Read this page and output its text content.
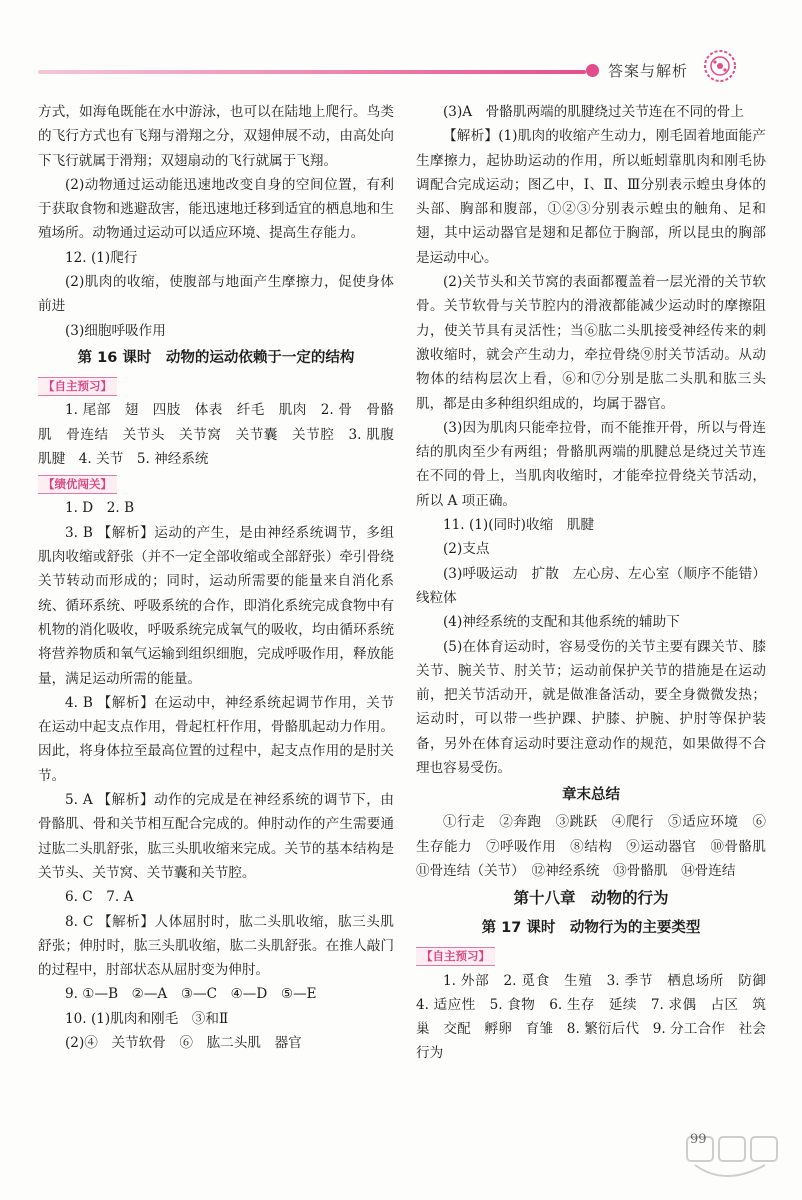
答案与解析

方式，如海龟既能在水中游泳，也可以在陆地上爬行。鸟类的飞行方式也有飞翔与滑翔之分，双翅伸展不动，由高处向下飞行就属于滑翔；双翅扇动的飞行就属于飞翔。

(2)动物通过运动能迅速地改变自身的空间位置，有利于获取食物和逃避敌害，能迅速地迁移到适宜的栖息地和生殖场所。动物通过运动可以适应环境、提高生存能力。

12. (1)爬行

(2)肌肉的收缩，使腹部与地面产生摩擦力，促使身体前进

(3)细胞呼吸作用

第 16 课时　动物的运动依赖于一定的结构

【自主预习】

1. 尾部　翅　四肢　体表　纤毛　肌肉　2. 骨　骨骼肌　骨连结　关节头　关节窝　关节囊　关节腔　3. 肌腹　肌腱　4. 关节　5. 神经系统

【绩优闯关】

1. D　2. B

3. B 【解析】运动的产生，是由神经系统调节，多组肌肉收缩或舒张（并不一定全部收缩或全部舒张）牵引骨绕关节转动而形成的；同时，运动所需要的能量来自消化系统、循环系统、呼吸系统的合作，即消化系统完成食物中有机物的消化吸收，呼吸系统完成氧气的吸收，均由循环系统将营养物质和氧气运输到组织细胞，完成呼吸作用，释放能量，满足运动所需的能量。

4. B 【解析】在运动中，神经系统起调节作用，关节在运动中起支点作用，骨起杠杆作用，骨骼肌起动力作用。因此，将身体拉至最高位置的过程中，起支点作用的是肘关节。

5. A 【解析】动作的完成是在神经系统的调节下，由骨骼肌、骨和关节相互配合完成的。伸肘动作的产生需要通过肱二头肌舒张，肱三头肌收缩来完成。关节的基本结构是关节头、关节窝、关节囊和关节腔。

6. C　7. A

8. C 【解析】人体屈肘时，肱二头肌收缩，肱三头肌舒张；伸肘时，肱三头肌收缩，肱二头肌舒张。在推人敲门的过程中，肘部状态从屈肘变为伸肘。

9. ①—B　②—A　③—C　④—D　⑤—E

10. (1)肌肉和刚毛　③和Ⅱ

(2)④　关节软骨　⑥　肱二头肌　器官

(3)A　骨骼肌两端的肌腱绕过关节连在不同的骨上

【解析】(1)肌肉的收缩产生动力，刚毛固着地面能产生摩擦力，起协助运动的作用，所以蚯蚓靠肌肉和刚毛协调配合完成运动；图乙中，Ⅰ、Ⅱ、Ⅲ分别表示蝗虫身体的头部、胸部和腹部，①②③分别表示蝗虫的触角、足和翅，其中运动器官是翅和足都位于胸部，所以昆虫的胸部是运动中心。

(2)关节头和关节窝的表面都覆盖着一层光滑的关节软骨。关节软骨与关节腔内的滑液都能减少运动时的摩擦阻力，使关节具有灵活性；当⑥肱二头肌接受神经传来的刺激收缩时，就会产生动力，牵拉骨绕⑨肘关节活动。从动物体的结构层次上看，⑥和⑦分别是肱二头肌和肱三头肌，都是由多种组织组成的，均属于器官。

(3)因为肌肉只能牵拉骨，而不能推开骨，所以与骨连结的肌肉至少有两组；骨骼肌两端的肌腱总是绕过关节连在不同的骨上，当肌肉收缩时，才能牵拉骨绕关节活动，所以 A 项正确。

11. (1)(同时)收缩　肌腱

(2)支点

(3)呼吸运动　扩散　左心房、左心室（顺序不能错）线粒体

(4)神经系统的支配和其他系统的辅助下

(5)在体育运动时，容易受伤的关节主要有踝关节、膝关节、腕关节、肘关节；运动前保护关节的措施是在运动前，把关节活动开，就是做准备活动，要全身微微发热；运动时，可以带一些护踝、护膝、护腕、护肘等保护装备，另外在体育运动时要注意动作的规范，如果做得不合理也容易受伤。

章末总结

①行走　②奔跑　③跳跃　④爬行　⑤适应环境　⑥生存能力　⑦呼吸作用　⑧结构　⑨运动器官　⑩骨骼肌　⑪骨连结（关节）　⑫神经系统　⑬骨骼肌　⑭骨连结

第十八章　动物的行为

第 17 课时　动物行为的主要类型

【自主预习】

1. 外部　2. 觅食　生殖　3. 季节　栖息场所　防御　4. 适应性　5. 食物　6. 生存　延续　7. 求偶　占区　筑巢　交配　孵卵　育雏　8. 繁衍后代　9. 分工合作　社会行为

99
